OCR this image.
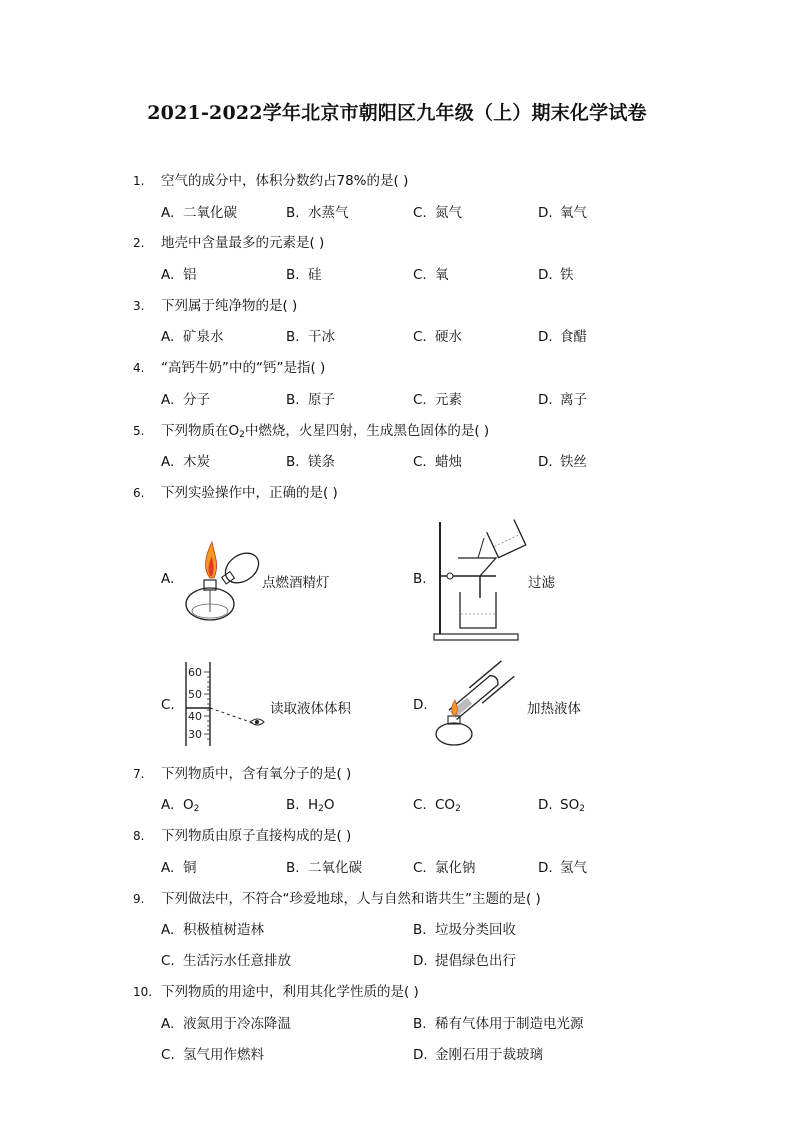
2021-2022学年北京市朝阳区九年级（上）期末化学试卷
1.	空气的成分中，体积分数约占78%的是( )
A. 二氧化碳	B. 水蒸气	C. 氮气	D. 氧气
2.	地壳中含量最多的元素是( )
A. 铝	B. 硅	C. 氧	D. 铁
3.	下列属于纯净物的是( )
A. 矿泉水	B. 干冰	C. 硬水	D. 食醋
4.	“高钙牛奶”中的“钙”是指( )
A. 分子	B. 原子	C. 元素	D. 离子
5.	下列物质在$O_2$中燃烧，火星四射，生成黑色固体的是( )
A. 木炭	B. 镁条	C. 蜡烛	D. 铁丝
6.	下列实验操作中，正确的是( )
A.	点燃酒精灯	B.	过滤
C.
60
50
40
30
读取液体体积	D.	加热液体
7.	下列物质中，含有氧分子的是( )
A. $O_2$	B. $H_2O$	C. $CO_2$	D. $SO_2$
8.	下列物质由原子直接构成的是( )
A. 铜	B. 二氧化碳	C. 氯化钠	D. 氢气
9.	下列做法中，不符合“珍爱地球，人与自然和谐共生”主题的是( )
A. 积极植树造林	B. 垃圾分类回收
C. 生活污水任意排放	D. 提倡绿色出行
10. 下列物质的用途中，利用其化学性质的是( )
A. 液氮用于冷冻降温	B. 稀有气体用于制造电光源
C. 氢气用作燃料	D. 金刚石用于裁玻璃
